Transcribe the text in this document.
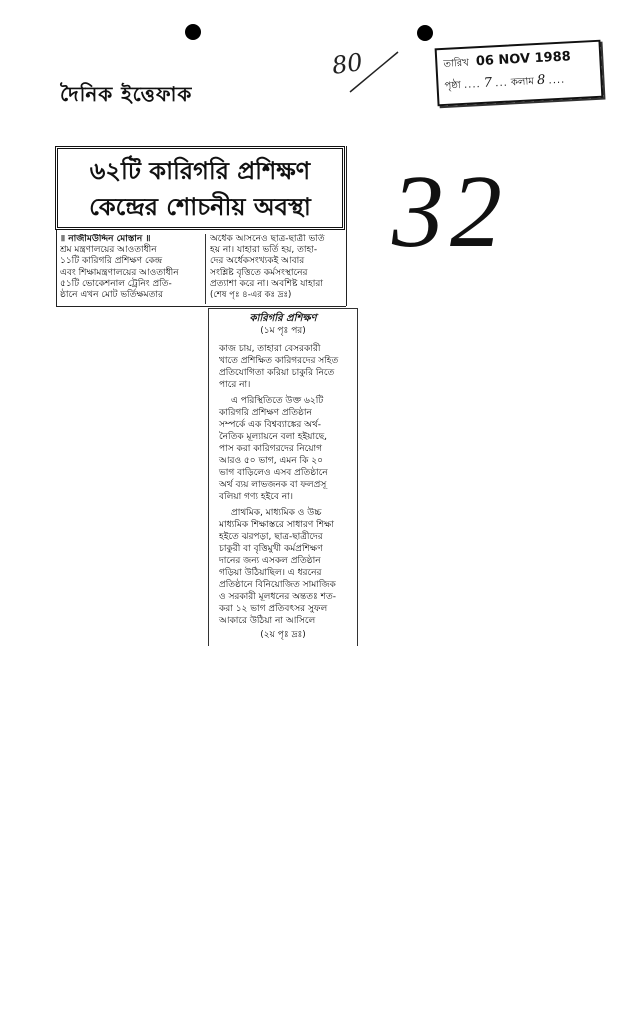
দৈনিক ইত্তেফাক
80	তারিখ 06 NOV 1988
পৃষ্ঠা .... 7 ... কলাম 8 ....
32
৬২টি কারিগরি প্রশিক্ষণ
কেন্দ্রের শোচনীয় অবস্থা
॥ নাজীমউদ্দিন মোস্তান ॥
শ্রম মন্ত্রণালয়ের আওতাধীন
১১টি কারিগরি প্রশিক্ষণ কেন্দ্র
এবং শিক্ষামন্ত্রণালয়ের আওতাধীন
৫১টি ভোকেশনাল ট্রেনিং প্রতি-
ষ্ঠানে এখন মোট ভর্তিক্ষমতার
অর্ধেক আসনেও ছাত্র-ছাত্রী ভর্তি
হয় না। যাহারা ভর্তি হয়, তাহা-
দের অর্ধেকসংখ্যকই আবার
সংশ্লিষ্ট বৃত্তিতে কর্মসংস্থানের
প্রত্যাশা করে না। অবশিষ্ট যাহারা
(শেষ পৃঃ ৪-এর কঃ দ্রঃ)
কারিগরি প্রশিক্ষণ
(১ম পৃঃ পর)
কাজ চায়, তাহারা বেসরকারী
খাতে প্রশিক্ষিত কারিগরদের সহিত
প্রতিযোগিতা করিয়া চাকুরি নিতে
পারে না।
এ পরিস্থিতিতে উক্ত ৬২টি
কারিগরি প্রশিক্ষণ প্রতিষ্ঠান
সম্পর্কে এক বিশ্বব্যাঙ্কের অর্থ-
নৈতিক মূল্যায়নে বলা হইয়াছে,
পাস করা কারিগরদের নিয়োগ
আরও ৫০ ভাগ, এমন কি ২০
ভাগ বাড়িলেও এসব প্রতিষ্ঠানে
অর্থ ব্যয় লাভজনক বা ফলপ্রসূ
বলিয়া গণ্য হইবে না।
প্রাথমিক, মাধ্যমিক ও উচ্চ
মাধ্যমিক শিক্ষাস্তরে সাধারণ শিক্ষা
হইতে ঝরপড়া, ছাত্র-ছাত্রীদের
চাকুরী বা বৃত্তিমুখী কর্মপ্রশিক্ষণ
দানের জন্য এসকল প্রতিষ্ঠান
গড়িয়া উঠিয়াছিল। এ ধরনের
প্রতিষ্ঠানে বিনিয়োজিত সামাজিক
ও সরকারী মূলধনের অন্ততঃ শত-
করা ১২ ভাগ প্রতিবৎসর সুফল
আকারে উঠিয়া না আসিলে
(২য় পৃঃ দ্রঃ)
